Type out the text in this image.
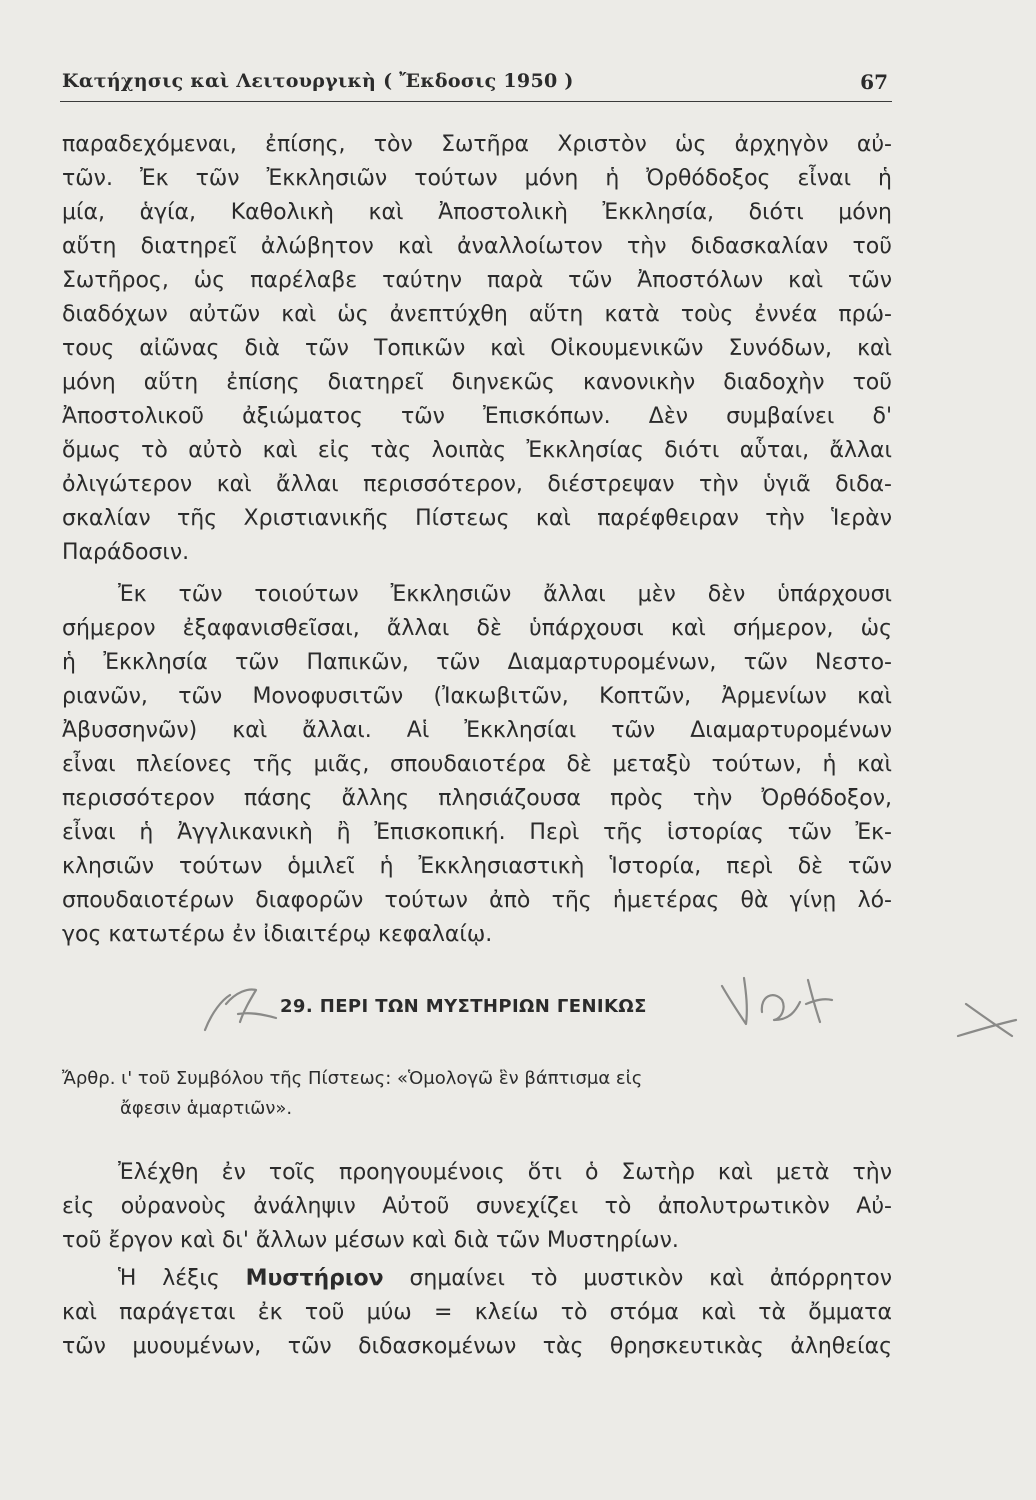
Κατήχησις καὶ Λειτουργικὴ ( Ἔκδοσις 1950 )	67
παραδεχόμεναι, ἐπίσης, τὸν Σωτῆρα Χριστὸν ὡς ἀρχηγὸν αὐ-
τῶν. Ἐκ τῶν Ἐκκλησιῶν τούτων μόνη ἡ Ὀρθόδοξος εἶναι ἡ
μία, ἁγία, Καθολικὴ καὶ Ἀποστολικὴ Ἐκκλησία, διότι μόνη
αὕτη διατηρεῖ ἀλώβητον καὶ ἀναλλοίωτον τὴν διδασκαλίαν τοῦ
Σωτῆρος, ὡς παρέλαβε ταύτην παρὰ τῶν Ἀποστόλων καὶ τῶν
διαδόχων αὐτῶν καὶ ὡς ἀνεπτύχθη αὕτη κατὰ τοὺς ἐννέα πρώ-
τους αἰῶνας διὰ τῶν Τοπικῶν καὶ Οἰκουμενικῶν Συνόδων, καὶ
μόνη αὕτη ἐπίσης διατηρεῖ διηνεκῶς κανονικὴν διαδοχὴν τοῦ
Ἀποστολικοῦ ἀξιώματος τῶν Ἐπισκόπων. Δὲν συμβαίνει δ'
ὅμως τὸ αὐτὸ καὶ εἰς τὰς λοιπὰς Ἐκκλησίας διότι αὗται, ἄλλαι
ὀλιγώτερον καὶ ἄλλαι περισσότερον, διέστρεψαν τὴν ὑγιᾶ διδα-
σκαλίαν τῆς Χριστιανικῆς Πίστεως καὶ παρέφθειραν τὴν Ἱερὰν
Παράδοσιν.
Ἐκ τῶν τοιούτων Ἐκκλησιῶν ἄλλαι μὲν δὲν ὑπάρχουσι
σήμερον ἐξαφανισθεῖσαι, ἄλλαι δὲ ὑπάρχουσι καὶ σήμερον, ὡς
ἡ Ἐκκλησία τῶν Παπικῶν, τῶν Διαμαρτυρομένων, τῶν Νεστο-
ριανῶν, τῶν Μονοφυσιτῶν (Ἰακωβιτῶν, Κοπτῶν, Ἀρμενίων καὶ
Ἀβυσσηνῶν) καὶ ἄλλαι. Αἱ Ἐκκλησίαι τῶν Διαμαρτυρομένων
εἶναι πλείονες τῆς μιᾶς, σπουδαιοτέρα δὲ μεταξὺ τούτων, ἡ καὶ
περισσότερον πάσης ἄλλης πλησιάζουσα πρὸς τὴν Ὀρθόδοξον,
εἶναι ἡ Ἀγγλικανικὴ ἢ Ἐπισκοπική. Περὶ τῆς ἱστορίας τῶν Ἐκ-
κλησιῶν τούτων ὁμιλεῖ ἡ Ἐκκλησιαστικὴ Ἱστορία, περὶ δὲ τῶν
σπουδαιοτέρων διαφορῶν τούτων ἀπὸ τῆς ἡμετέρας θὰ γίνῃ λό-
γος κατωτέρω ἐν ἰδιαιτέρῳ κεφαλαίῳ.
29. ΠΕΡΙ ΤΩΝ ΜΥΣΤΗΡΙΩΝ ΓΕΝΙΚΩΣ
Ἄρθρ. ι' τοῦ Συμβόλου τῆς Πίστεως: «Ὁμολογῶ ἓν βάπτισμα εἰς
ἄφεσιν ἁμαρτιῶν».
Ἐλέχθη ἐν τοῖς προηγουμένοις ὅτι ὁ Σωτὴρ καὶ μετὰ τὴν
εἰς οὐρανοὺς ἀνάληψιν Αὐτοῦ συνεχίζει τὸ ἀπολυτρωτικὸν Αὐ-
τοῦ ἔργον καὶ δι' ἄλλων μέσων καὶ διὰ τῶν Μυστηρίων.
Ἡ λέξις Μυστήριον σημαίνει τὸ μυστικὸν καὶ ἀπόρρητον
καὶ παράγεται ἐκ τοῦ μύω = κλείω τὸ στόμα καὶ τὰ ὄμματα
τῶν μυουμένων, τῶν διδασκομένων τὰς θρησκευτικὰς ἀληθείας
